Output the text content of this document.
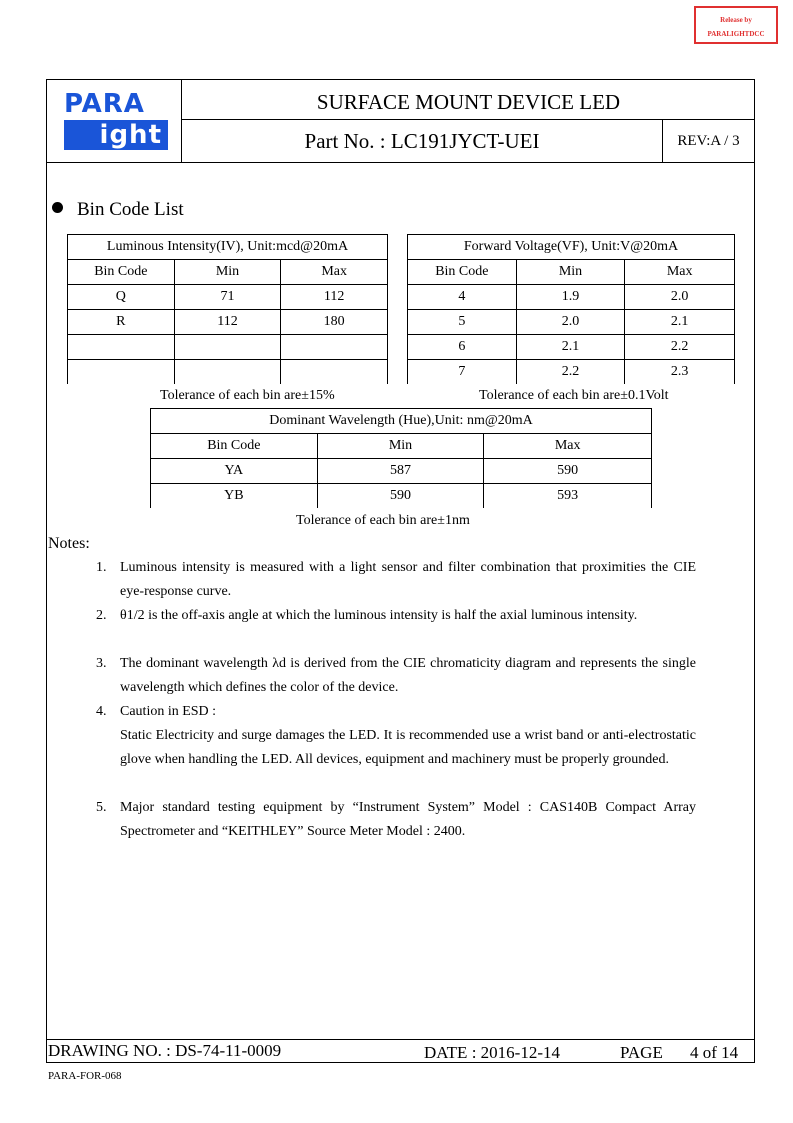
Release by
PARALIGHTDCC
PARA
ight
SURFACE MOUNT DEVICE LED
Part No. : LC191JYCT-UEI	REV:A / 3
Bin Code List
Luminous Intensity(IV), Unit:mcd@20mA		
Bin Code	Min	Max
Q	71	112
R	112	180

Forward Voltage(VF), Unit:V@20mA		
Bin Code	Min	Max
4	1.9	2.0
5	2.0	2.1
6	2.1	2.2
7	2.2	2.3
Tolerance of each bin are±15%	Tolerance of each bin are±0.1Volt
Dominant Wavelength (Hue),Unit: nm@20mA		
Bin Code	Min	Max
YA	587	590
YB	590	593
Tolerance of each bin are±1nm
Notes:
1. Luminous intensity is measured with a light sensor and filter combination that proximities the CIE eye-response curve.
2. θ1/2 is the off-axis angle at which the luminous intensity is half the axial luminous intensity.
3. The dominant wavelength λd is derived from the CIE chromaticity diagram and represents the single wavelength which defines the color of the device.
4. Caution in ESD :
Static Electricity and surge damages the LED. It is recommended use a wrist band or anti-electrostatic glove when handling the LED. All devices, equipment and machinery must be properly grounded.
5. Major standard testing equipment by “Instrument System” Model : CAS140B Compact Array Spectrometer and “KEITHLEY” Source Meter Model : 2400.
DRAWING NO. : DS-74-11-0009	DATE : 2016-12-14	PAGE 4 of 14
PARA-FOR-068
